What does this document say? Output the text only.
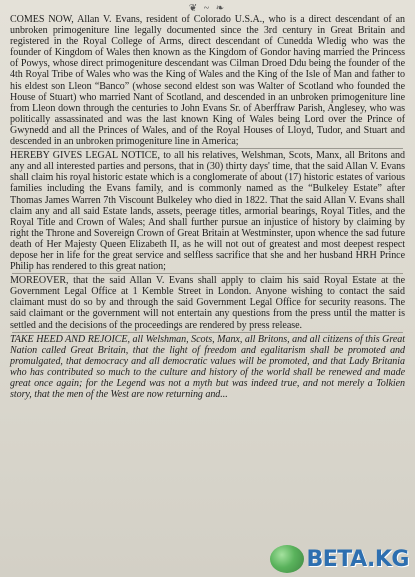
❦ ~ ❧

COMES NOW, Allan V. Evans, resident of Colorado U.S.A., who is a direct descendant of an unbroken primogeniture line legally documented since the 3rd century in Great Britain and registered in the Royal College of Arms, direct descendant of Cunedda Wledig who was the founder of Kingdom of Wales then known as the Kingdom of Gondor having married the Princess of Powys, whose direct primogeniture descendant was Cilman Droed Ddu being the founder of the 4th Royal Tribe of Wales who was the King of Wales and the King of the Isle of Man and father to his eldest son Lleon “Banco” (whose second eldest son was Walter of Scotland who founded the House of Stuart) who married Nant of Scotland, and descended in an unbroken primogeniture line from Lleon down through the centuries to John Evans Sr. of Aberffraw Parish, Anglesey, who was politically assassinated and was the last known King of Wales being Lord over the Prince of Gwynedd and all the Princes of Wales, and of the Royal Houses of Lloyd, Tudor, and Stuart and descended in an unbroken primogeniture line in America;

HEREBY GIVES LEGAL NOTICE, to all his relatives, Welshman, Scots, Manx, all Britons and any and all interested parties and persons, that in (30) thirty days' time, that the said Allan V. Evans shall claim his royal historic estate which is a conglomerate of about (17) historic estates of various families including the Evans family, and is commonly named as the “Bulkeley Estate” after Thomas James Warren 7th Viscount Bulkeley who died in 1822. That the said Allan V. Evans shall claim any and all said Estate lands, assets, peerage titles, armorial bearings, Royal Titles, and the Royal Title and Crown of Wales; And shall further pursue an injustice of history by claiming by right the Throne and Sovereign Crown of Great Britain at Westminster, upon whence the sad future death of Her Majesty Queen Elizabeth II, as he will not out of greatest and most deepest respect depose her in life for the great service and selfless sacrifice that she and her husband HRH Prince Philip has rendered to this great nation;

MOREOVER, that the said Allan V. Evans shall apply to claim his said Royal Estate at the Government Legal Office at 1 Kemble Street in London. Anyone wishing to contact the said claimant must do so by and through the said Government Legal Office for security reasons. The said claimant or the government will not entertain any questions from the press until the matter is settled and the decisions of the proceedings are rendered by press release.

TAKE HEED AND REJOICE, all Welshman, Scots, Manx, all Britons, and all citizens of this Great Nation called Great Britain, that the light of freedom and egalitarism shall be promoted and promulgated, that democracy and all democratic values will be promoted, and that Lady Britania who has contributed so much to the culture and history of the world shall be renewed and made great once again; for the Legend was not a myth but was indeed true, and not merely a Tolkien story, that the men of the West are now returning and...

BETA.KG
